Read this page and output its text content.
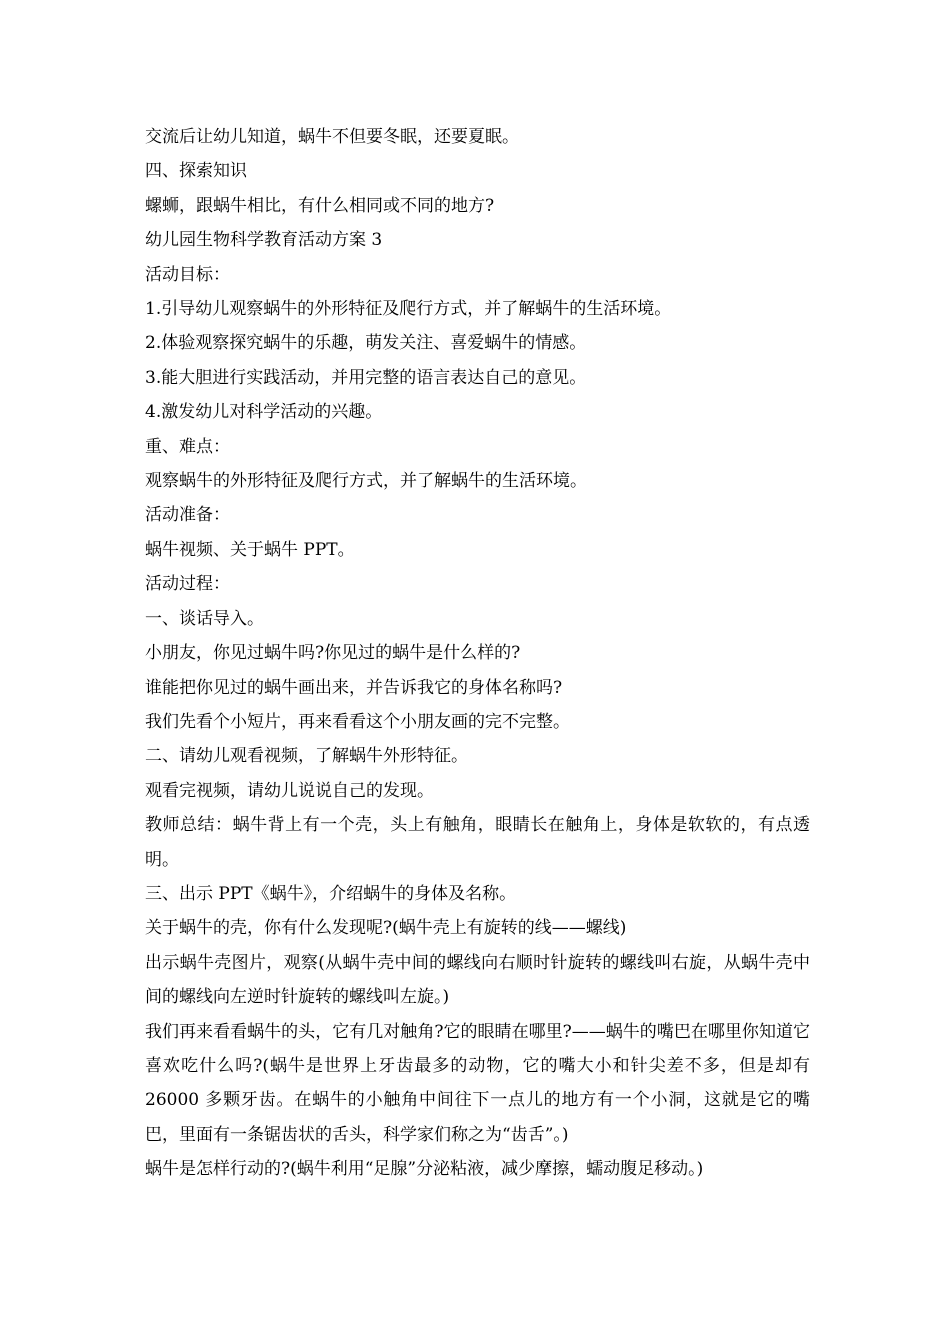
交流后让幼儿知道，蜗牛不但要冬眠，还要夏眠。
四、探索知识
螺蛳，跟蜗牛相比，有什么相同或不同的地方?
幼儿园生物科学教育活动方案 3
活动目标：
1.引导幼儿观察蜗牛的外形特征及爬行方式，并了解蜗牛的生活环境。
2.体验观察探究蜗牛的乐趣，萌发关注、喜爱蜗牛的情感。
3.能大胆进行实践活动，并用完整的语言表达自己的意见。
4.激发幼儿对科学活动的兴趣。
重、难点：
观察蜗牛的外形特征及爬行方式，并了解蜗牛的生活环境。
活动准备：
蜗牛视频、关于蜗牛 PPT。
活动过程：
一、谈话导入。
小朋友，你见过蜗牛吗?你见过的蜗牛是什么样的?
谁能把你见过的蜗牛画出来，并告诉我它的身体名称吗?
我们先看个小短片，再来看看这个小朋友画的完不完整。
二、请幼儿观看视频，了解蜗牛外形特征。
观看完视频，请幼儿说说自己的发现。
教师总结：蜗牛背上有一个壳，头上有触角，眼睛长在触角上，身体是软软的，有点透明。
三、出示 PPT《蜗牛》，介绍蜗牛的身体及名称。
关于蜗牛的壳，你有什么发现呢?(蜗牛壳上有旋转的线——螺线)
出示蜗牛壳图片，观察(从蜗牛壳中间的螺线向右顺时针旋转的螺线叫右旋，从蜗牛壳中间的螺线向左逆时针旋转的螺线叫左旋。)
我们再来看看蜗牛的头，它有几对触角?它的眼睛在哪里?——蜗牛的嘴巴在哪里你知道它喜欢吃什么吗?(蜗牛是世界上牙齿最多的动物，它的嘴大小和针尖差不多，但是却有 26000 多颗牙齿。在蜗牛的小触角中间往下一点儿的地方有一个小洞，这就是它的嘴巴，里面有一条锯齿状的舌头，科学家们称之为“齿舌”。)
蜗牛是怎样行动的?(蜗牛利用“足腺”分泌粘液，减少摩擦，蠕动腹足移动。)
